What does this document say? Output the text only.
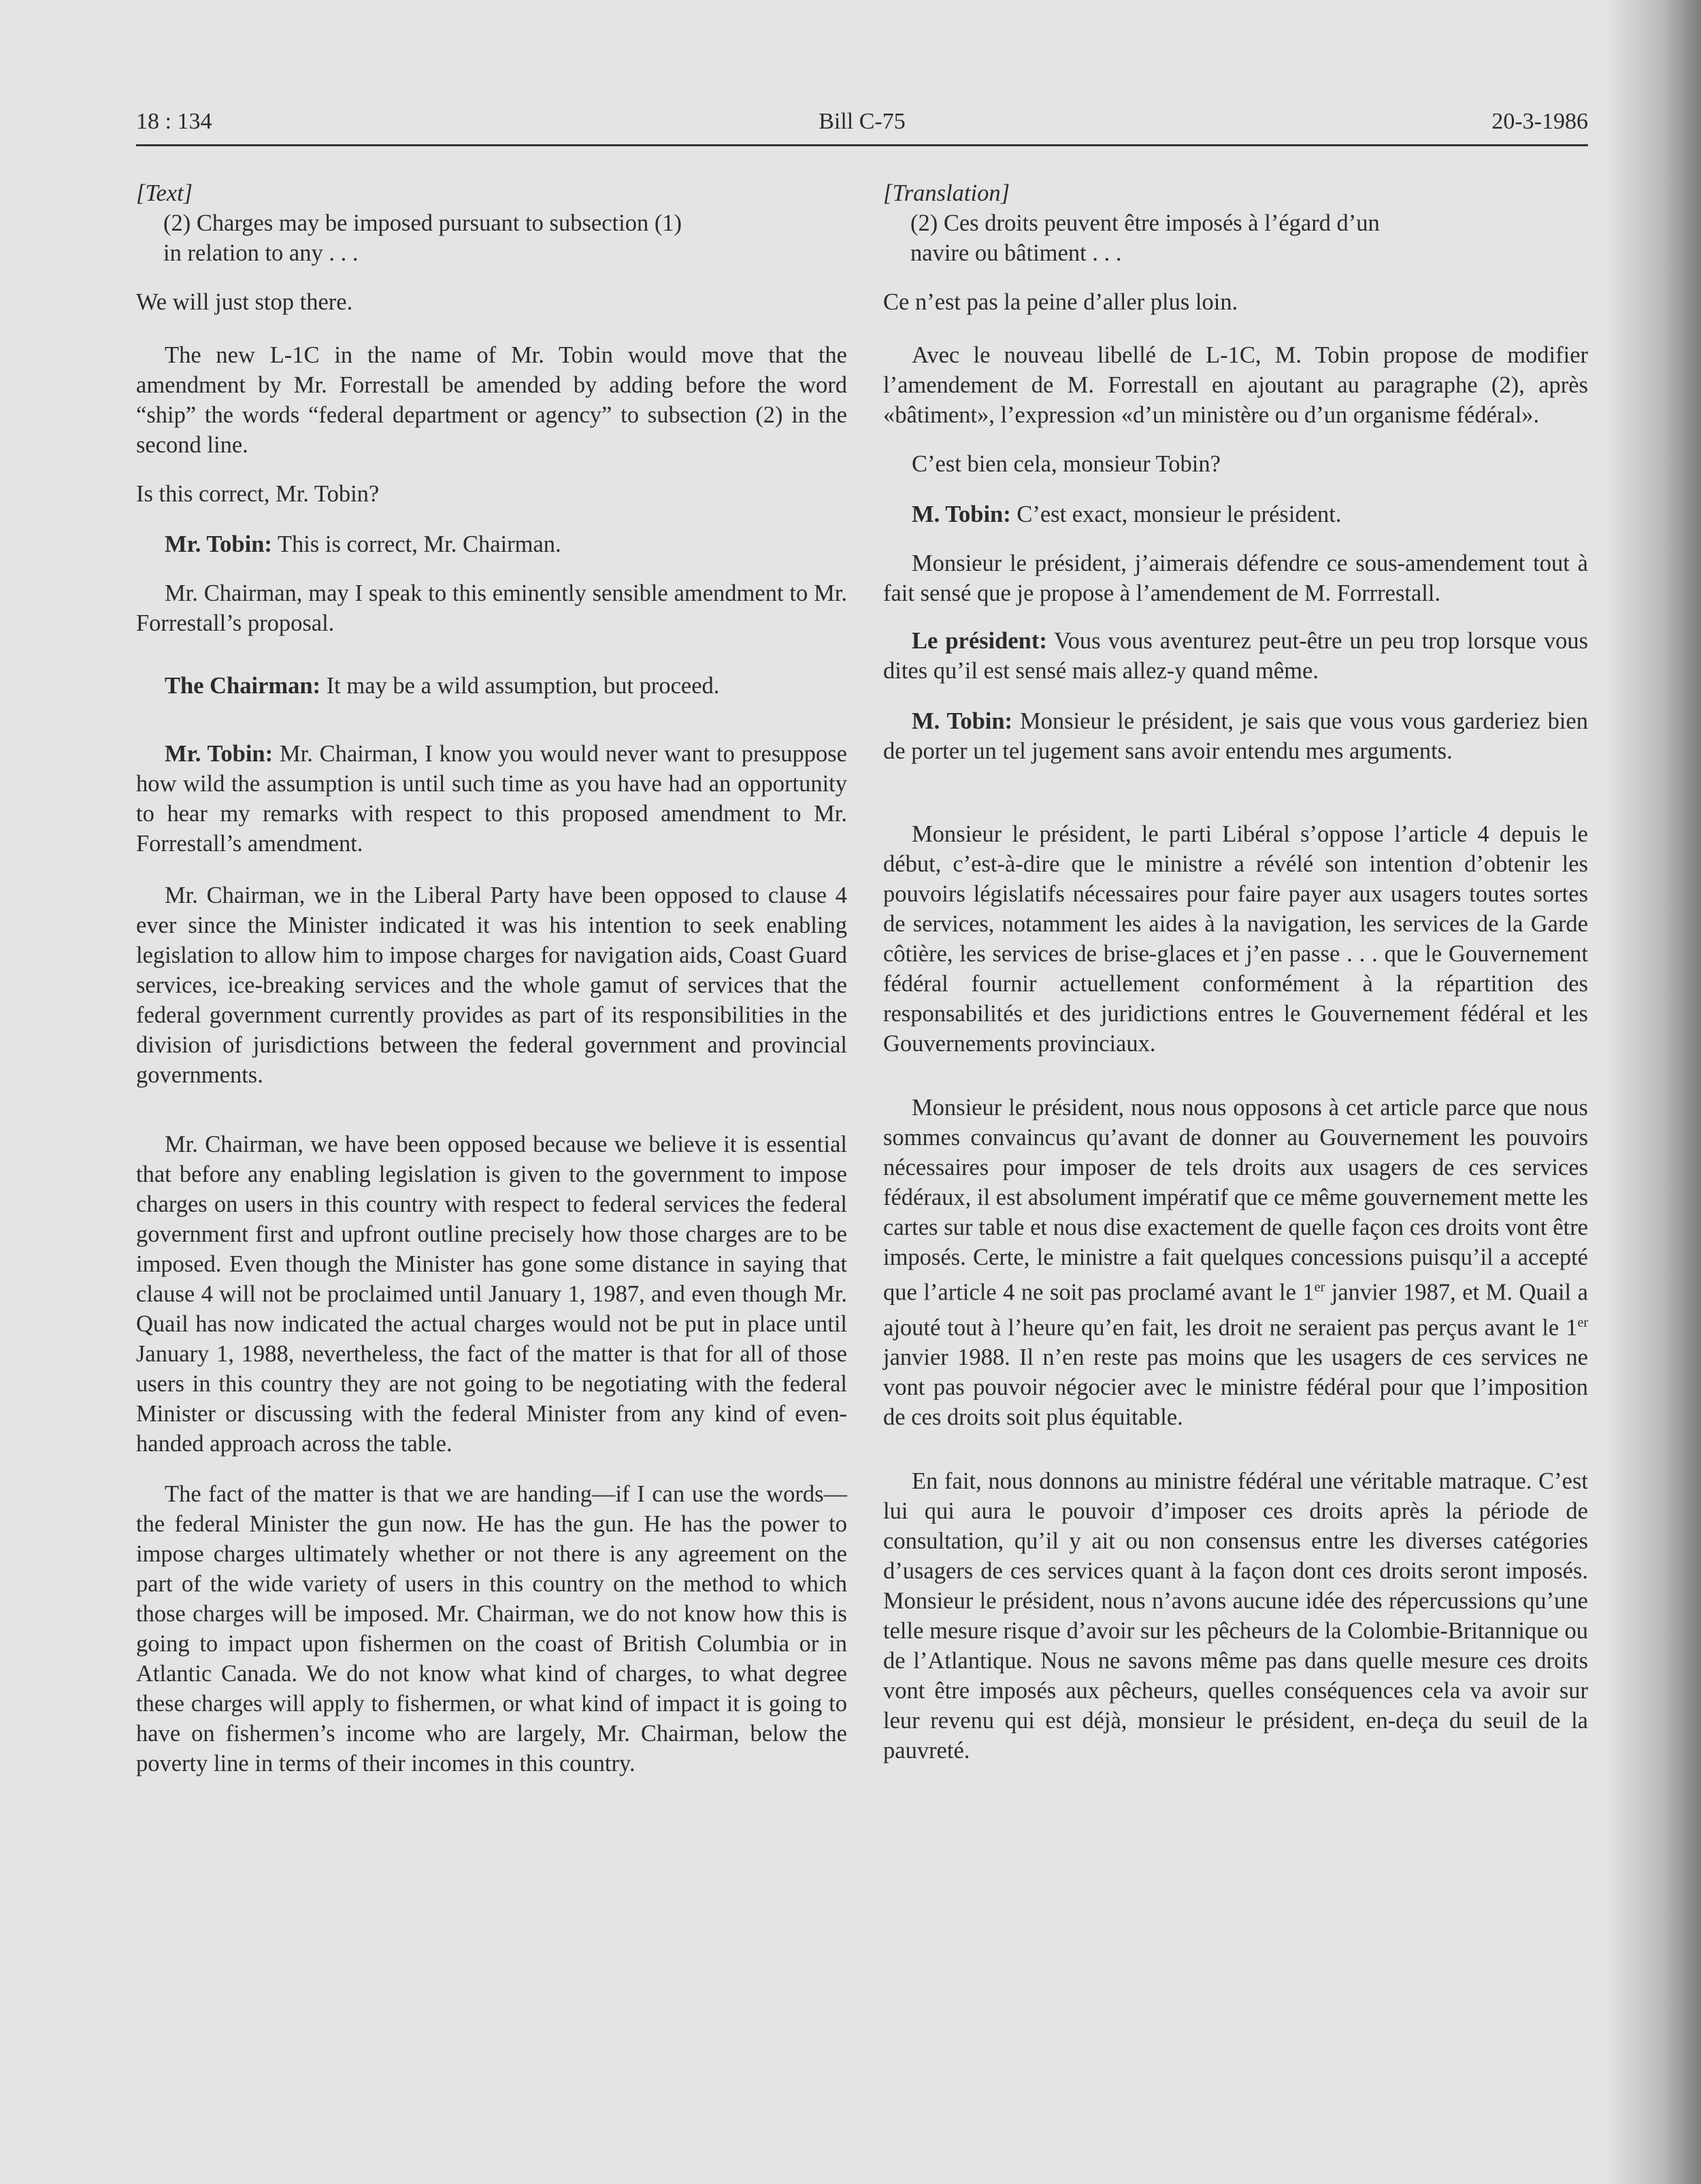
18 : 134	Bill C-75	20-3-1986

[Text]

(2) Charges may be imposed pursuant to subsection (1)
in relation to any . . .

We will just stop there.

The new L-1C in the name of Mr. Tobin would move that the amendment by Mr. Forrestall be amended by adding before the word “ship” the words “federal department or agency” to subsection (2) in the second line.

Is this correct, Mr. Tobin?

Mr. Tobin: This is correct, Mr. Chairman.

Mr. Chairman, may I speak to this eminently sensible amendment to Mr. Forrestall’s proposal.

The Chairman: It may be a wild assumption, but proceed.

Mr. Tobin: Mr. Chairman, I know you would never want to presuppose how wild the assumption is until such time as you have had an opportunity to hear my remarks with respect to this proposed amendment to Mr. Forrestall’s amendment.

Mr. Chairman, we in the Liberal Party have been opposed to clause 4 ever since the Minister indicated it was his intention to seek enabling legislation to allow him to impose charges for navigation aids, Coast Guard services, ice-breaking services and the whole gamut of services that the federal government currently provides as part of its responsibilities in the division of jurisdictions between the federal government and provincial governments.

Mr. Chairman, we have been opposed because we believe it is essential that before any enabling legislation is given to the government to impose charges on users in this country with respect to federal services the federal government first and upfront outline precisely how those charges are to be imposed. Even though the Minister has gone some distance in saying that clause 4 will not be proclaimed until January 1, 1987, and even though Mr. Quail has now indicated the actual charges would not be put in place until January 1, 1988, nevertheless, the fact of the matter is that for all of those users in this country they are not going to be negotiating with the federal Minister or discussing with the federal Minister from any kind of even-handed approach across the table.

The fact of the matter is that we are handing—if I can use the words—the federal Minister the gun now. He has the gun. He has the power to impose charges ultimately whether or not there is any agreement on the part of the wide variety of users in this country on the method to which those charges will be imposed. Mr. Chairman, we do not know how this is going to impact upon fishermen on the coast of British Columbia or in Atlantic Canada. We do not know what kind of charges, to what degree these charges will apply to fishermen, or what kind of impact it is going to have on fishermen’s income who are largely, Mr. Chairman, below the poverty line in terms of their incomes in this country.

[Translation]

(2) Ces droits peuvent être imposés à l’égard d’un
navire ou bâtiment . . .

Ce n’est pas la peine d’aller plus loin.

Avec le nouveau libellé de L-1C, M. Tobin propose de modifier l’amendement de M. Forrestall en ajoutant au paragraphe (2), après «bâtiment», l’expression «d’un ministère ou d’un organisme fédéral».

C’est bien cela, monsieur Tobin?

M. Tobin: C’est exact, monsieur le président.

Monsieur le président, j’aimerais défendre ce sous-amendement tout à fait sensé que je propose à l’amendement de M. Forrrestall.

Le président: Vous vous aventurez peut-être un peu trop lorsque vous dites qu’il est sensé mais allez-y quand même.

M. Tobin: Monsieur le président, je sais que vous vous garderiez bien de porter un tel jugement sans avoir entendu mes arguments.

Monsieur le président, le parti Libéral s’oppose l’article 4 depuis le début, c’est-à-dire que le ministre a révélé son intention d’obtenir les pouvoirs législatifs nécessaires pour faire payer aux usagers toutes sortes de services, notamment les aides à la navigation, les services de la Garde côtière, les services de brise-glaces et j’en passe . . . que le Gouvernement fédéral fournir actuellement conformément à la répartition des responsabilités et des juridictions entres le Gouvernement fédéral et les Gouvernements provinciaux.

Monsieur le président, nous nous opposons à cet article parce que nous sommes convaincus qu’avant de donner au Gouvernement les pouvoirs nécessaires pour imposer de tels droits aux usagers de ces services fédéraux, il est absolument impératif que ce même gouvernement mette les cartes sur table et nous dise exactement de quelle façon ces droits vont être imposés. Certe, le ministre a fait quelques concessions puisqu’il a accepté que l’article 4 ne soit pas proclamé avant le 1er janvier 1987, et M. Quail a ajouté tout à l’heure qu’en fait, les droit ne seraient pas perçus avant le 1er janvier 1988. Il n’en reste pas moins que les usagers de ces services ne vont pas pouvoir négocier avec le ministre fédéral pour que l’imposition de ces droits soit plus équitable.

En fait, nous donnons au ministre fédéral une véritable matraque. C’est lui qui aura le pouvoir d’imposer ces droits après la période de consultation, qu’il y ait ou non consensus entre les diverses catégories d’usagers de ces services quant à la façon dont ces droits seront imposés. Monsieur le président, nous n’avons aucune idée des répercussions qu’une telle mesure risque d’avoir sur les pêcheurs de la Colombie-Britannique ou de l’Atlantique. Nous ne savons même pas dans quelle mesure ces droits vont être imposés aux pêcheurs, quelles conséquences cela va avoir sur leur revenu qui est déjà, monsieur le président, en-deça du seuil de la pauvreté.
